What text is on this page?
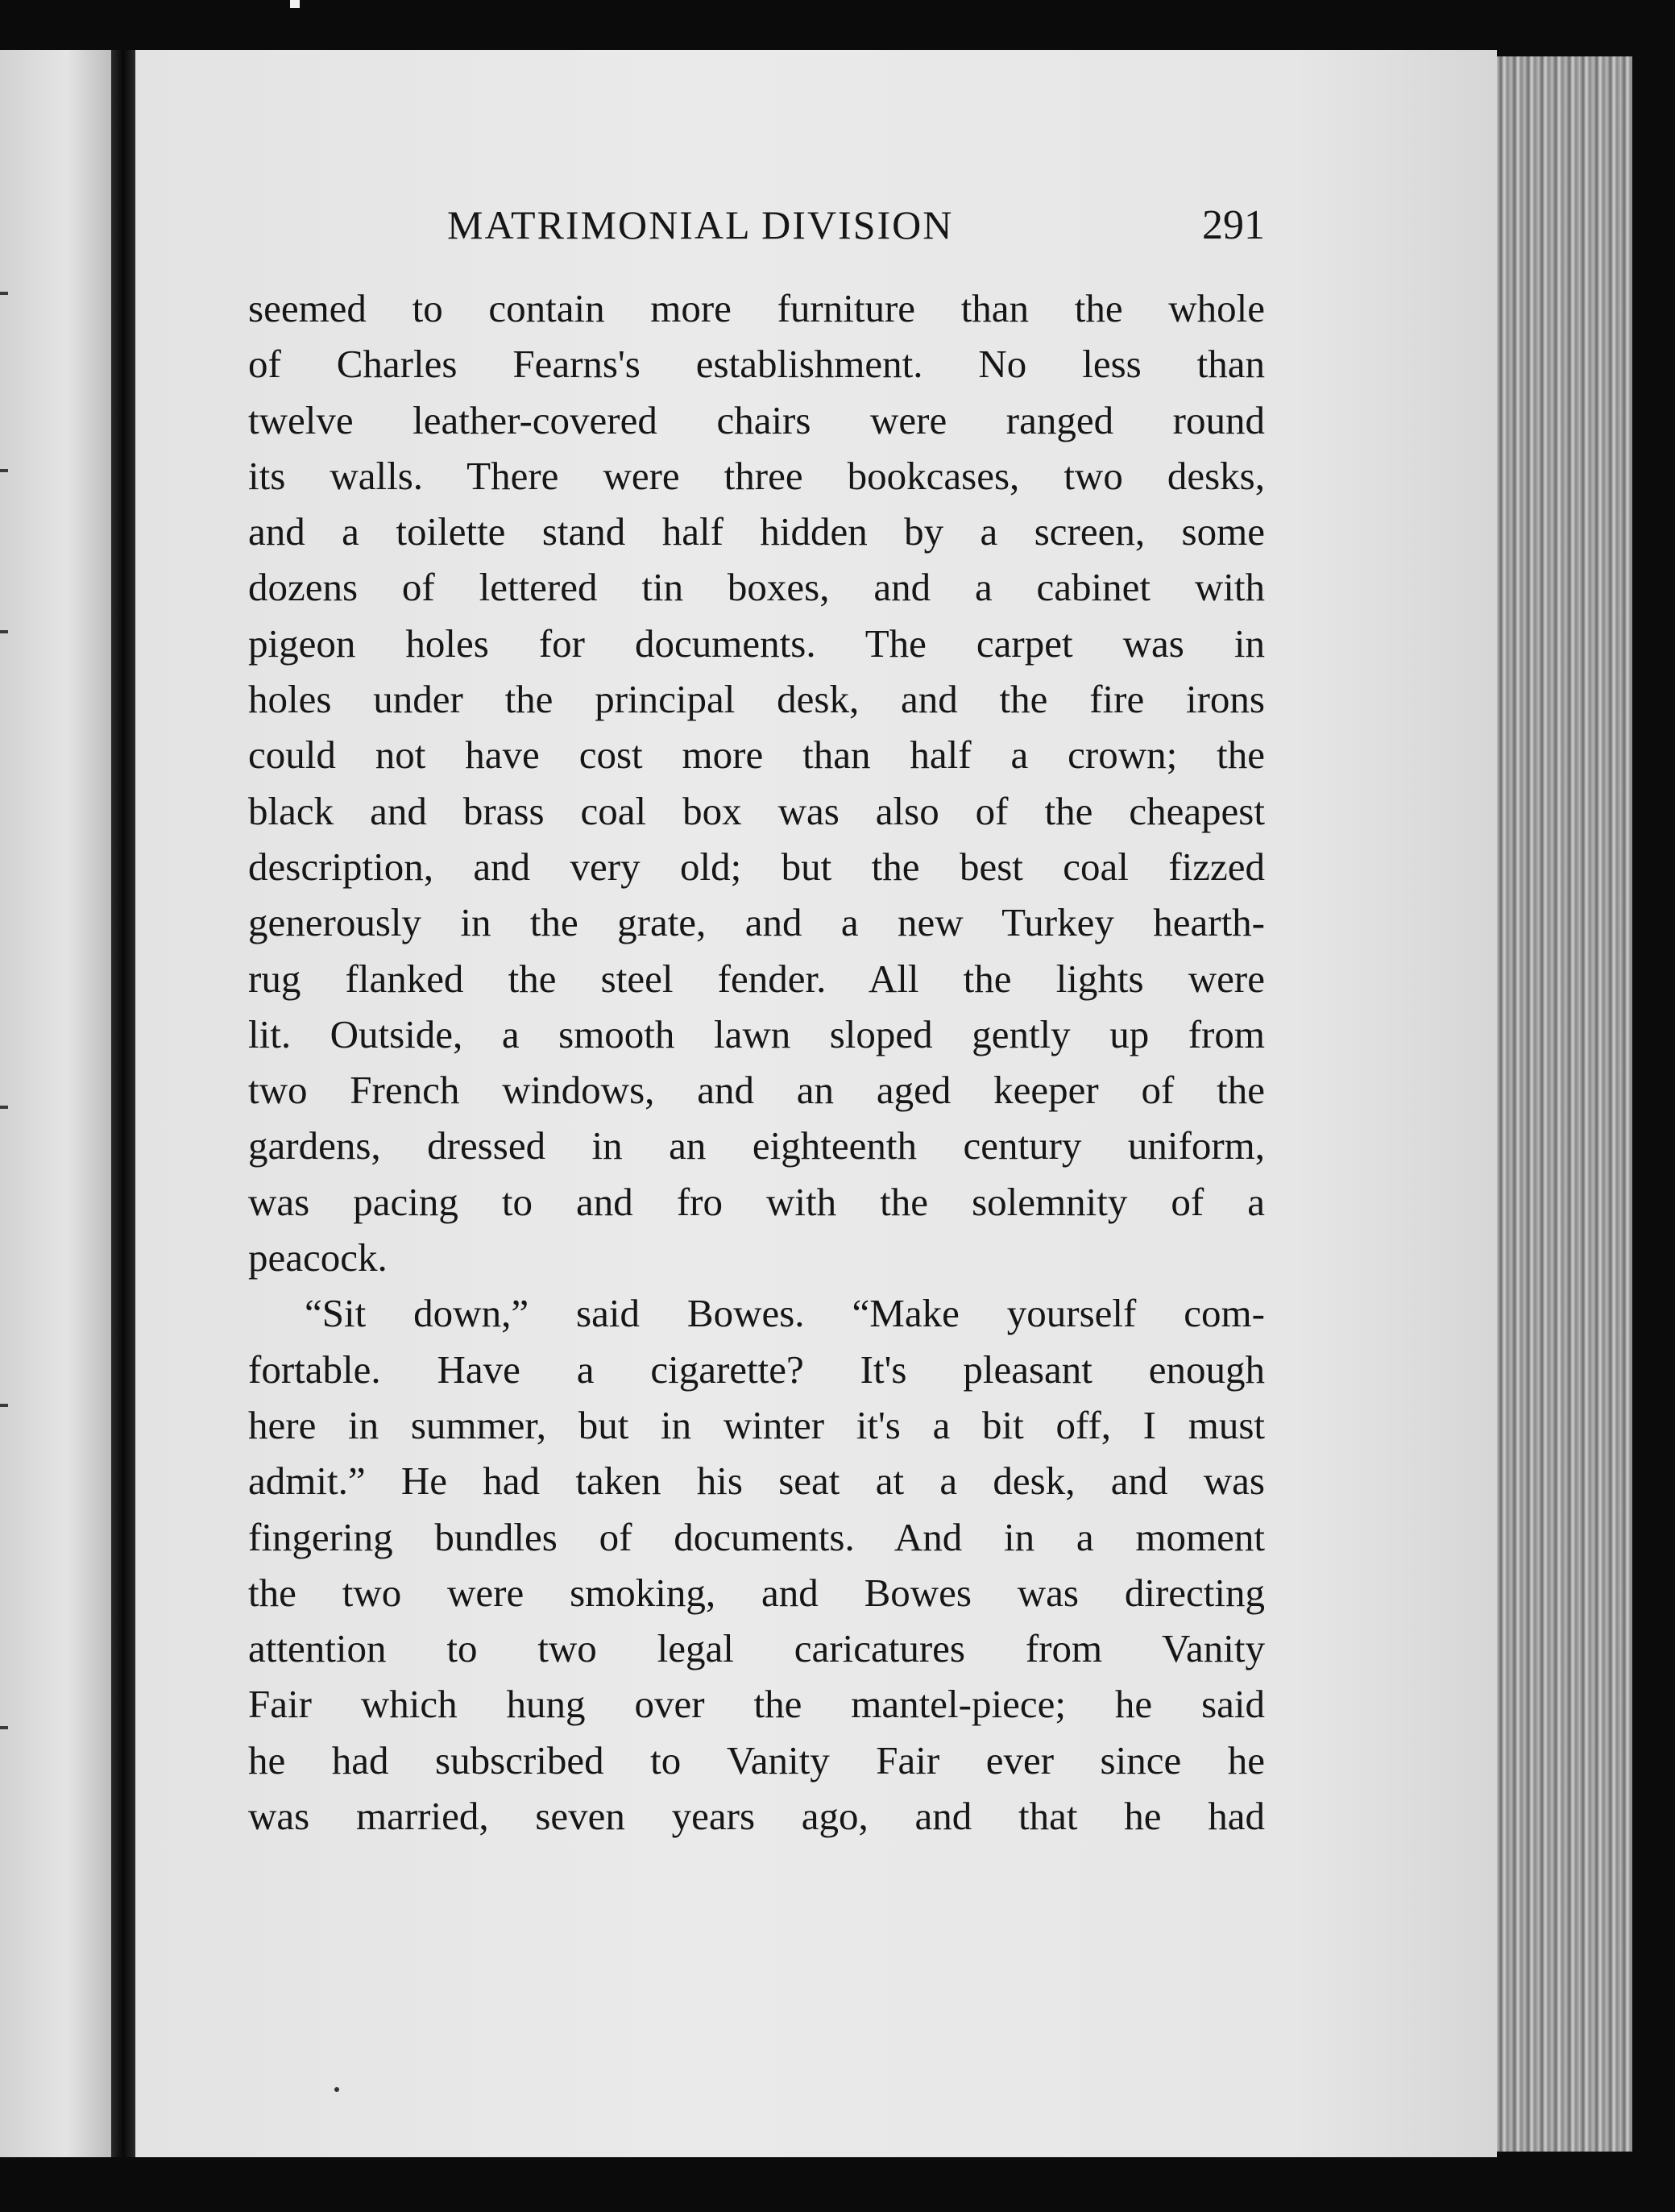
MATRIMONIAL DIVISION	291
seemed to contain more furniture than the whole
of Charles Fearns's establishment. No less than
twelve leather-covered chairs were ranged round
its walls. There were three bookcases, two desks,
and a toilette stand half hidden by a screen, some
dozens of lettered tin boxes, and a cabinet with
pigeon holes for documents. The carpet was in
holes under the principal desk, and the fire irons
could not have cost more than half a crown; the
black and brass coal box was also of the cheapest
description, and very old; but the best coal fizzed
generously in the grate, and a new Turkey hearth-
rug flanked the steel fender. All the lights were
lit. Outside, a smooth lawn sloped gently up from
two French windows, and an aged keeper of the
gardens, dressed in an eighteenth century uniform,
was pacing to and fro with the solemnity of a
peacock.
“Sit down,” said Bowes. “Make yourself com-
fortable. Have a cigarette? It's pleasant enough
here in summer, but in winter it's a bit off, I must
admit.” He had taken his seat at a desk, and was
fingering bundles of documents. And in a moment
the two were smoking, and Bowes was directing
attention to two legal caricatures from Vanity
Fair which hung over the mantel-piece; he said
he had subscribed to Vanity Fair ever since he
was married, seven years ago, and that he had
